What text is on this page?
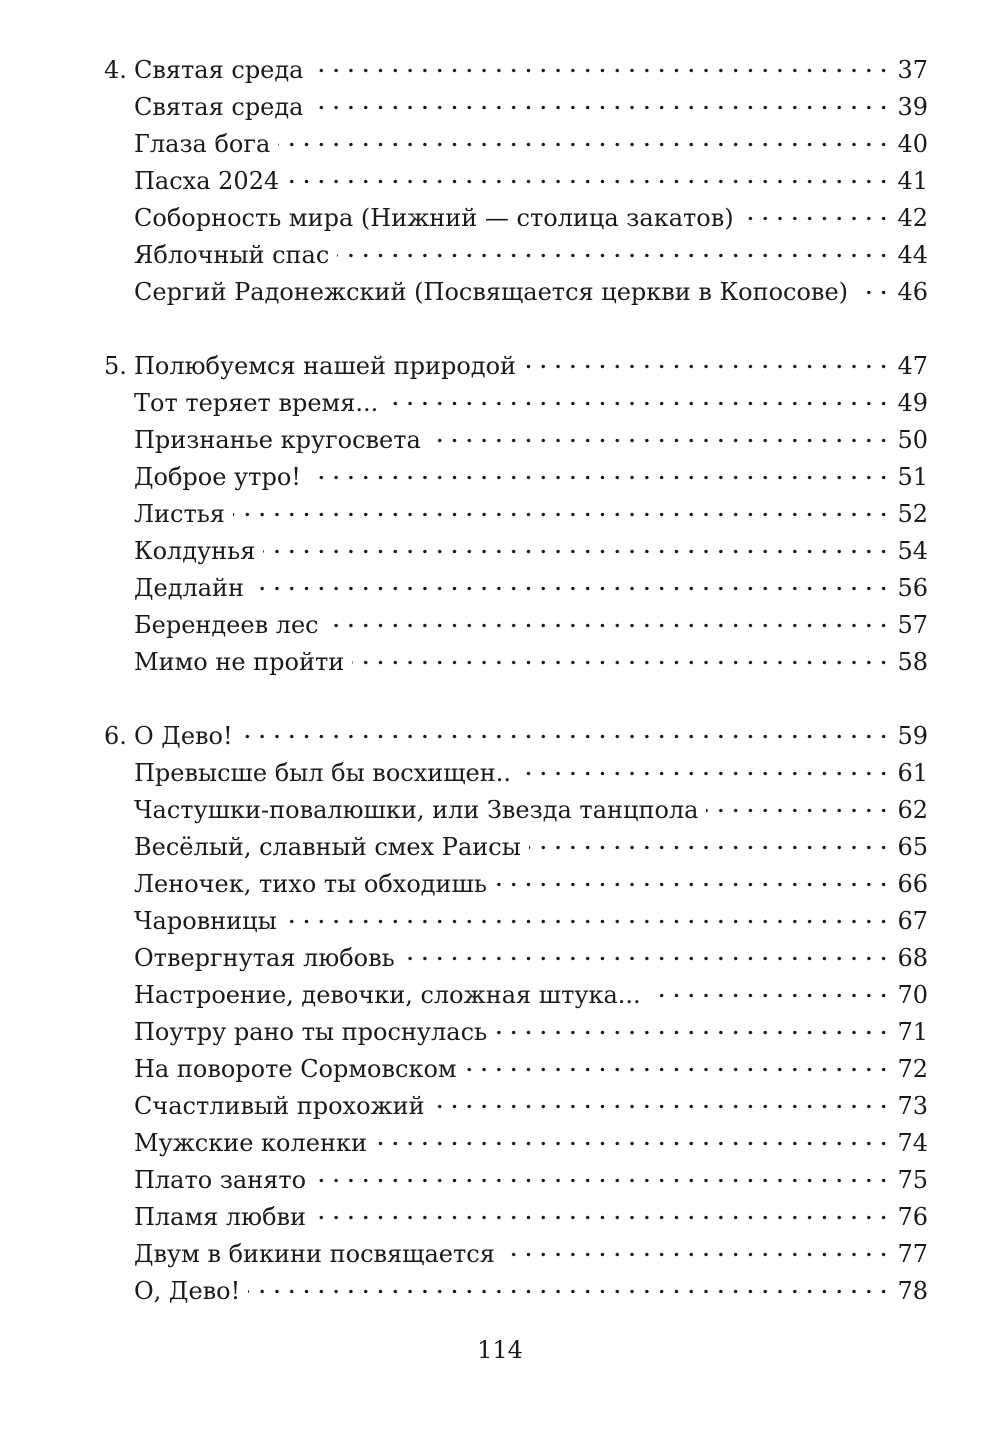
4. Святая среда	37
Святая среда	39
Глаза бога	40
Пасха 2024	41
Соборность мира (Нижний — столица закатов)	42
Яблочный спас	44
Сергий Радонежский (Посвящается церкви в Копосове) 46
5. Полюбуемся нашей природой	47
Тот теряет время...	49
Признанье кругосвета	50
Доброе утро!	51
Листья	52
Колдунья	54
Дедлайн	56
Берендеев лес	57
Мимо не пройти	58
6. О Дево!	59
Превысше был бы восхищен..	61
Частушки-повалюшки, или Звезда танцпола	62
Весёлый, славный смех Раисы	65
Леночек, тихо ты обходишь	66
Чаровницы	67
Отвергнутая любовь	68
Настроение, девочки, сложная штука...	70
Поутру рано ты проснулась	71
На повороте Сормовском	72
Счастливый прохожий	73
Мужские коленки	74
Плато занято	75
Пламя любви	76
Двум в бикини посвящается	77
О, Дево!	78
114
